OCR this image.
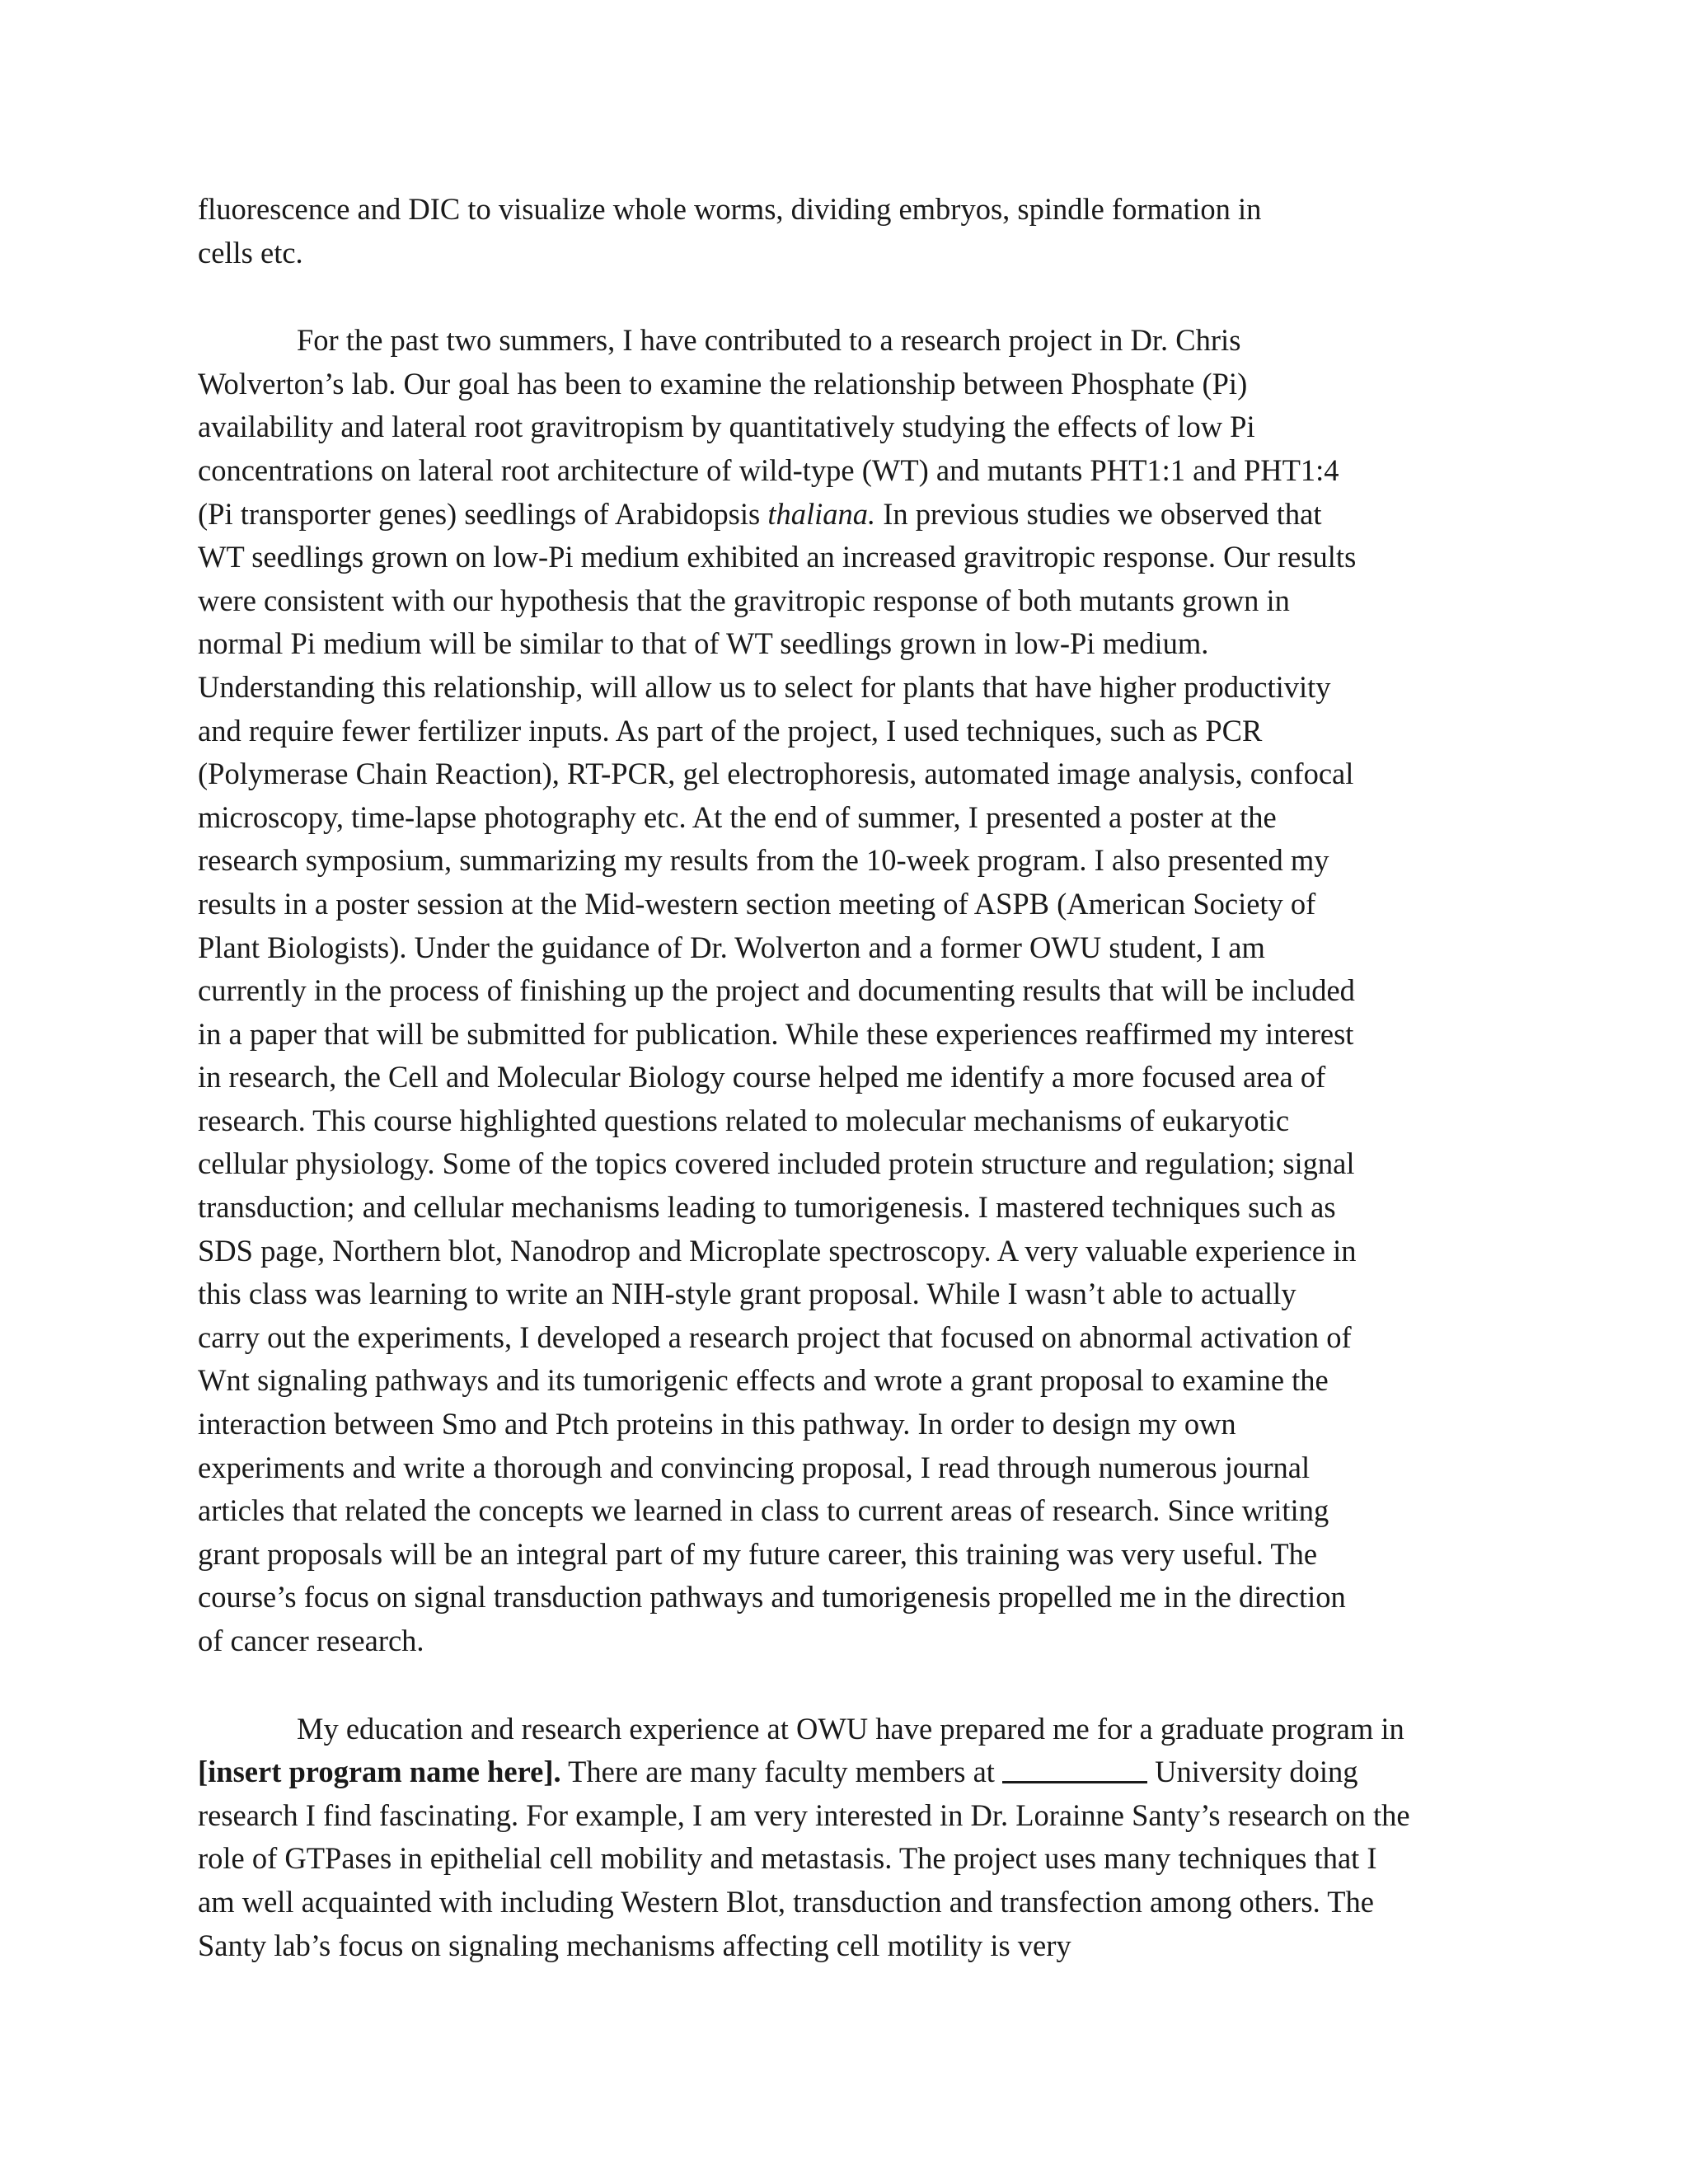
fluorescence and DIC to visualize whole worms, dividing embryos, spindle formation in
cells etc.

For the past two summers, I have contributed to a research project in Dr. Chris
Wolverton’s lab. Our goal has been to examine the relationship between Phosphate (Pi)
availability and lateral root gravitropism by quantitatively studying the effects of low Pi
concentrations on lateral root architecture of wild-type (WT) and mutants PHT1:1 and PHT1:4
(Pi transporter genes) seedlings of Arabidopsis thaliana. In previous studies we observed that
WT seedlings grown on low-Pi medium exhibited an increased gravitropic response. Our results
were consistent with our hypothesis that the gravitropic response of both mutants grown in
normal Pi medium will be similar to that of WT seedlings grown in low-Pi medium.
Understanding this relationship, will allow us to select for plants that have higher productivity
and require fewer fertilizer inputs. As part of the project, I used techniques, such as PCR
(Polymerase Chain Reaction), RT-PCR, gel electrophoresis, automated image analysis, confocal
microscopy, time-lapse photography etc. At the end of summer, I presented a poster at the
research symposium, summarizing my results from the 10-week program. I also presented my
results in a poster session at the Mid-western section meeting of ASPB (American Society of
Plant Biologists). Under the guidance of Dr. Wolverton and a former OWU student, I am
currently in the process of finishing up the project and documenting results that will be included
in a paper that will be submitted for publication. While these experiences reaffirmed my interest
in research, the Cell and Molecular Biology course helped me identify a more focused area of
research. This course highlighted questions related to molecular mechanisms of eukaryotic
cellular physiology. Some of the topics covered included protein structure and regulation; signal
transduction; and cellular mechanisms leading to tumorigenesis. I mastered techniques such as
SDS page, Northern blot, Nanodrop and Microplate spectroscopy. A very valuable experience in
this class was learning to write an NIH-style grant proposal. While I wasn’t able to actually
carry out the experiments, I developed a research project that focused on abnormal activation of
Wnt signaling pathways and its tumorigenic effects and wrote a grant proposal to examine the
interaction between Smo and Ptch proteins in this pathway. In order to design my own
experiments and write a thorough and convincing proposal, I read through numerous journal
articles that related the concepts we learned in class to current areas of research. Since writing
grant proposals will be an integral part of my future career, this training was very useful. The
course’s focus on signal transduction pathways and tumorigenesis propelled me in the direction
of cancer research.

My education and research experience at OWU have prepared me for a graduate program in
[insert program name here]. There are many faculty members at	University doing
research I find fascinating. For example, I am very interested in Dr. Lorainne Santy’s research on the
role of GTPases in epithelial cell mobility and metastasis. The project uses many techniques that I
am well acquainted with including Western Blot, transduction and transfection among others. The
Santy lab’s focus on signaling mechanisms affecting cell motility is very
